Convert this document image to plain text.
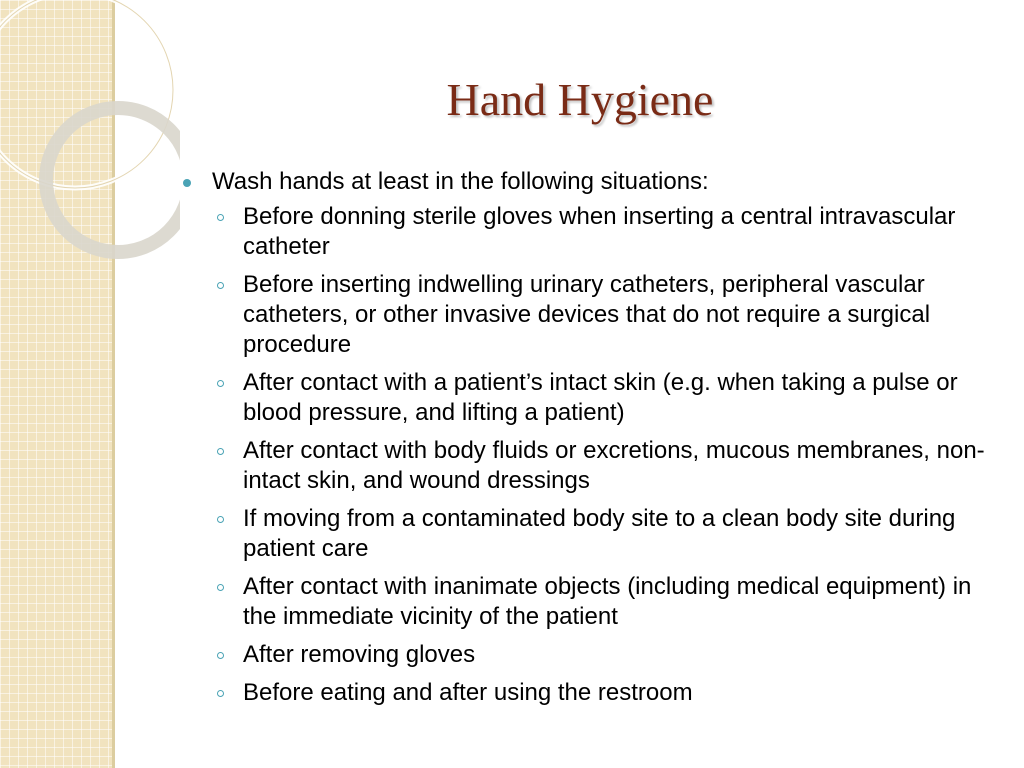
Hand Hygiene
Wash hands at least in the following situations:
Before donning sterile gloves when inserting a central intravascular catheter
Before inserting indwelling urinary catheters, peripheral vascular catheters, or other invasive devices that do not require a surgical procedure
After contact with a patient’s intact skin (e.g. when taking a pulse or blood pressure, and lifting a patient)
After contact with body fluids or excretions, mucous membranes, non-intact skin, and wound dressings
If moving from a contaminated body site to a clean body site during patient care
After contact with inanimate objects (including medical equipment) in the immediate vicinity of the patient
After removing gloves
Before eating and after using the restroom
